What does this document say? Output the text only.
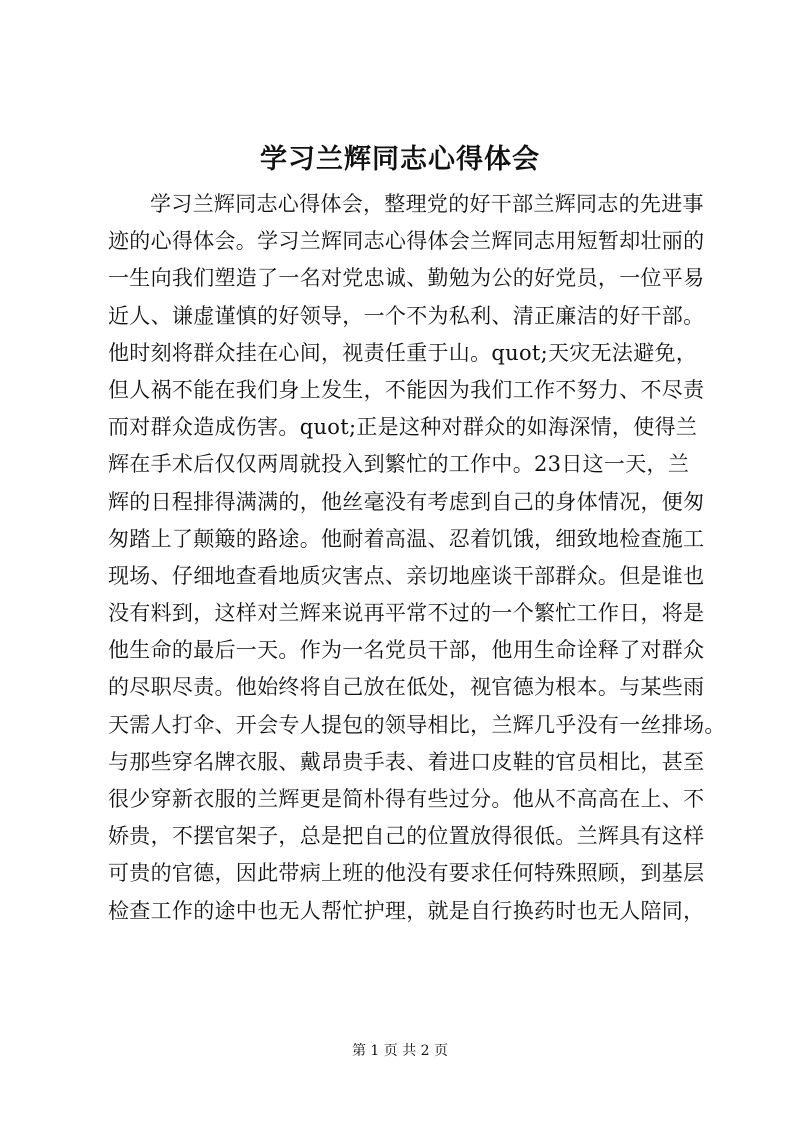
学习兰辉同志心得体会
学习兰辉同志心得体会，整理党的好干部兰辉同志的先进事
迹的心得体会。学习兰辉同志心得体会兰辉同志用短暂却壮丽的
一生向我们塑造了一名对党忠诚、勤勉为公的好党员，一位平易
近人、谦虚谨慎的好领导，一个不为私利、清正廉洁的好干部。
他时刻将群众挂在心间，视责任重于山。quot;天灾无法避免，
但人祸不能在我们身上发生，不能因为我们工作不努力、不尽责
而对群众造成伤害。quot;正是这种对群众的如海深情，使得兰
辉在手术后仅仅两周就投入到繁忙的工作中。23日这一天，兰
辉的日程排得满满的，他丝毫没有考虑到自己的身体情况，便匆
匆踏上了颠簸的路途。他耐着高温、忍着饥饿，细致地检查施工
现场、仔细地查看地质灾害点、亲切地座谈干部群众。但是谁也
没有料到，这样对兰辉来说再平常不过的一个繁忙工作日，将是
他生命的最后一天。作为一名党员干部，他用生命诠释了对群众
的尽职尽责。他始终将自己放在低处，视官德为根本。与某些雨
天需人打伞、开会专人提包的领导相比，兰辉几乎没有一丝排场。
与那些穿名牌衣服、戴昂贵手表、着进口皮鞋的官员相比，甚至
很少穿新衣服的兰辉更是简朴得有些过分。他从不高高在上、不
娇贵，不摆官架子，总是把自己的位置放得很低。兰辉具有这样
可贵的官德，因此带病上班的他没有要求任何特殊照顾，到基层
检查工作的途中也无人帮忙护理，就是自行换药时也无人陪同，
第 1 页 共 2 页
